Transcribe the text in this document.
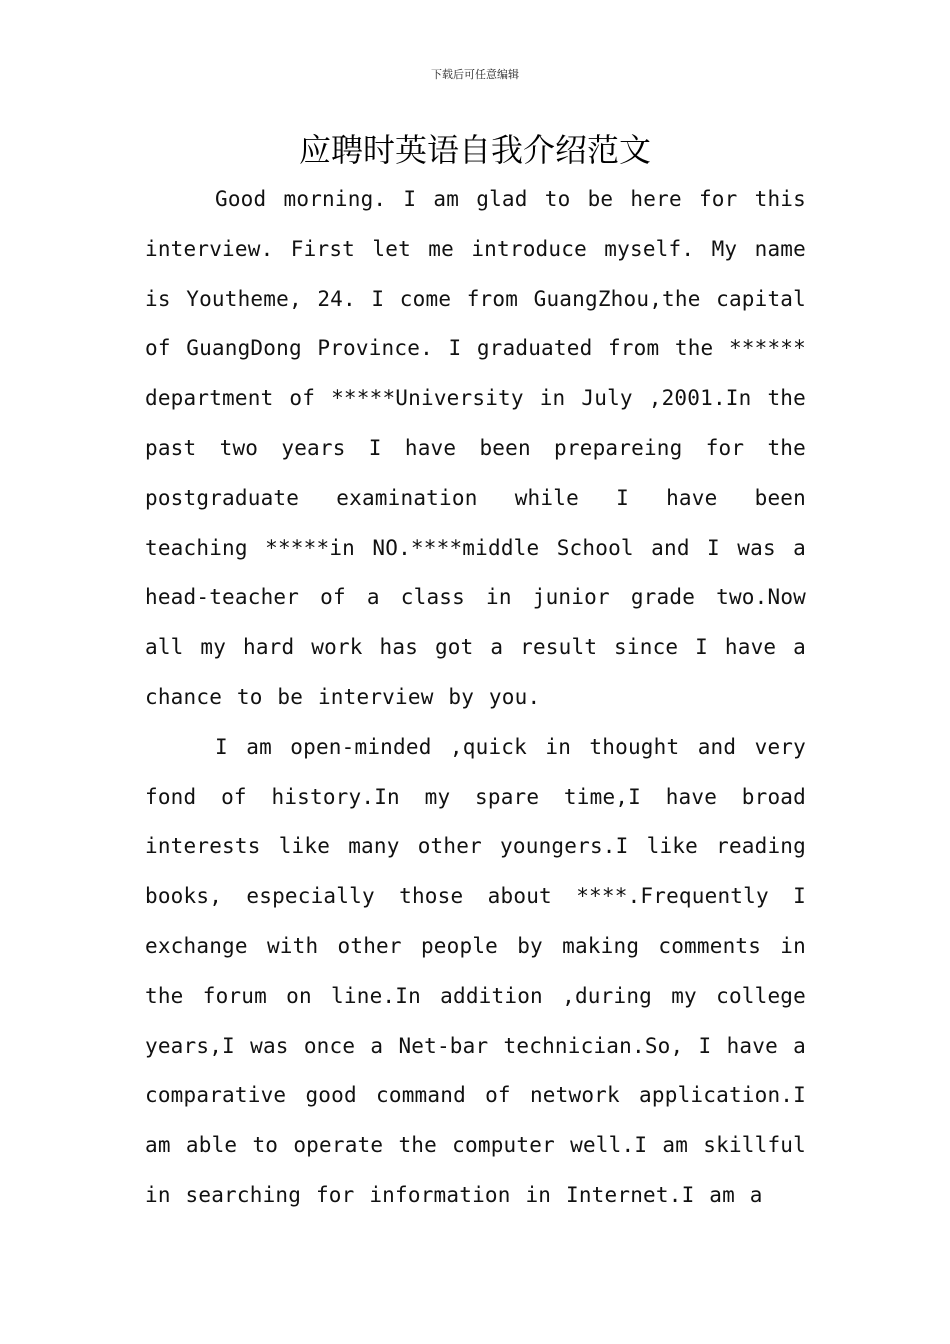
下载后可任意编辑
应聘时英语自我介绍范文

Good morning. I am glad to be here for this interview. First let me introduce myself. My name is Youtheme, 24. I come from GuangZhou,the capital of GuangDong Province. I graduated from the ****** department of *****University in July ,2001.In the past two years I have been prepareing for the postgraduate examination while I have been teaching *****in NO.****middle School and I was a head-teacher of a class in junior grade two.Now all my hard work has got a result since I have a chance to be interview by you.

I am open-minded ,quick in thought and very fond of history.In my spare time,I have broad interests like many other youngers.I like reading books, especially those about ****.Frequently I exchange with other people by making comments in the forum on line.In addition ,during my college years,I was once a Net-bar technician.So, I have a comparative good command of network application.I am able to operate the computer well.I am skillful in searching for information in Internet.I am a
